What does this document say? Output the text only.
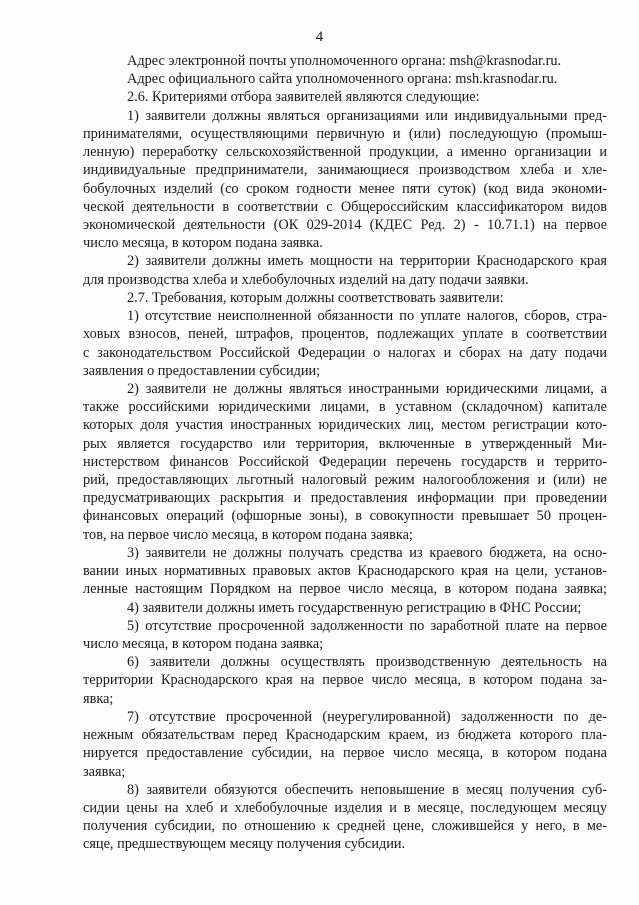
4
Адрес электронной почты уполномоченного органа: msh@krasnodar.ru.
Адрес официального сайта уполномоченного органа: msh.krasnodar.ru.
2.6. Критериями отбора заявителей являются следующие:
1) заявители должны являться организациями или индивидуальными пред-
принимателями, осуществляющими первичную и (или) последующую (промыш-
ленную) переработку сельскохозяйственной продукции, а именно организации и
индивидуальные предприниматели, занимающиеся производством хлеба и хле-
бобулочных изделий (со сроком годности менее пяти суток) (код вида экономи-
ческой деятельности в соответствии с Общероссийским классификатором видов
экономической деятельности (ОК 029-2014 (КДЕС Ред. 2) - 10.71.1) на первое
число месяца, в котором подана заявка.
2) заявители должны иметь мощности на территории Краснодарского края
для производства хлеба и хлебобулочных изделий на дату подачи заявки.
2.7. Требования, которым должны соответствовать заявители:
1) отсутствие неисполненной обязанности по уплате налогов, сборов, стра-
ховых взносов, пеней, штрафов, процентов, подлежащих уплате в соответствии
с законодательством Российской Федерации о налогах и сборах на дату подачи
заявления о предоставлении субсидии;
2) заявители не должны являться иностранными юридическими лицами, а
также российскими юридическими лицами, в уставном (складочном) капитале
которых доля участия иностранных юридических лиц, местом регистрации кото-
рых является государство или территория, включенные в утвержденный Ми-
нистерством финансов Российской Федерации перечень государств и террито-
рий, предоставляющих льготный налоговый режим налогообложения и (или) не
предусматривающих раскрытия и предоставления информации при проведении
финансовых операций (офшорные зоны), в совокупности превышает 50 процен-
тов, на первое число месяца, в котором подана заявка;
3) заявители не должны получать средства из краевого бюджета, на осно-
вании иных нормативных правовых актов Краснодарского края на цели, установ-
ленные настоящим Порядком на первое число месяца, в котором подана заявка;
4) заявители должны иметь государственную регистрацию в ФНС России;
5) отсутствие просроченной задолженности по заработной плате на первое
число месяца, в котором подана заявка;
6) заявители должны осуществлять производственную деятельность на
территории Краснодарского края на первое число месяца, в котором подана за-
явка;
7) отсутствие просроченной (неурегулированной) задолженности по де-
нежным обязательствам перед Краснодарским краем, из бюджета которого пла-
нируется предоставление субсидии, на первое число месяца, в котором подана
заявка;
8) заявители обязуются обеспечить неповышение в месяц получения суб-
сидии цены на хлеб и хлебобулочные изделия и в месяце, последующем месяцу
получения субсидии, по отношению к средней цене, сложившейся у него, в ме-
сяце, предшествующем месяцу получения субсидии.
